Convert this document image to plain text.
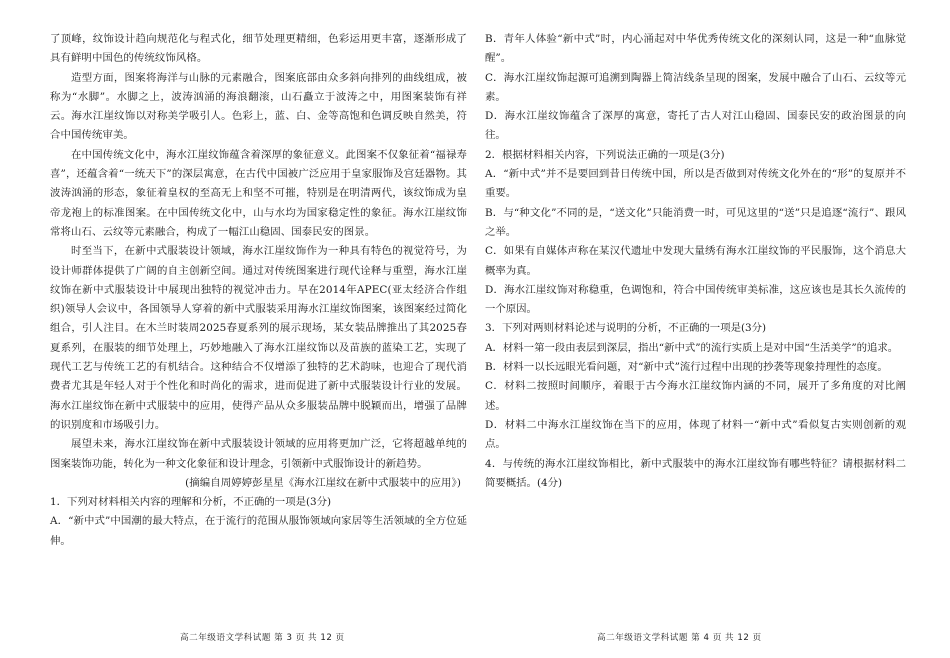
了顶峰，纹饰设计趋向规范化与程式化，细节处理更精细，色彩运用更丰富，逐渐形成了具有鲜明中国色的传统纹饰风格。

造型方面，图案将海洋与山脉的元素融合，图案底部由众多斜向排列的曲线组成，被称为“水脚”。水脚之上，波涛汹涌的海浪翻滚，山石矗立于波涛之中，用图案装饰有祥云。海水江崖纹饰以对称美学吸引人。色彩上，蓝、白、金等高饱和色调反映自然美，符合中国传统审美。

在中国传统文化中，海水江崖纹饰蕴含着深厚的象征意义。此图案不仅象征着“福禄寿喜”，还蕴含着“一统天下”的深层寓意，在古代中国被广泛应用于皇家服饰及宫廷器物。其波涛汹涌的形态，象征着皇权的至高无上和坚不可摧，特别是在明清两代，该纹饰成为皇帝龙袍上的标准图案。在中国传统文化中，山与水均为国家稳定性的象征。海水江崖纹饰常将山石、云纹等元素融合，构成了一幅江山稳固、国泰民安的图景。

时至当下，在新中式服装设计领域，海水江崖纹饰作为一种具有特色的视觉符号，为设计师群体提供了广阔的自主创新空间。通过对传统图案进行现代诠释与重塑，海水江崖纹饰在新中式服装设计中展现出独特的视觉冲击力。早在2014年APEC(亚太经济合作组织)领导人会议中，各国领导人穿着的新中式服装采用海水江崖纹饰图案，该图案经过简化组合，引人注目。在木兰时装周2025春夏系列的展示现场，某女装品牌推出了其2025春夏系列，在服装的细节处理上，巧妙地融入了海水江崖纹饰以及苗族的蓝染工艺，实现了现代工艺与传统工艺的有机结合。这种结合不仅增添了独特的艺术韵味，也迎合了现代消费者尤其是年轻人对于个性化和时尚化的需求，进而促进了新中式服装设计行业的发展。海水江崖纹饰在新中式服装中的应用，使得产品从众多服装品牌中脱颖而出，增强了品牌的识别度和市场吸引力。

展望未来，海水江崖纹饰在新中式服装设计领域的应用将更加广泛，它将超越单纯的图案装饰功能，转化为一种文化象征和设计理念，引领新中式服饰设计的新趋势。

(摘编自周婷婷彭星星《海水江崖纹在新中式服装中的应用》)

1．下列对材料相关内容的理解和分析，不正确的一项是(3分)

A．“新中式”中国潮的最大特点，在于流行的范围从服饰领域向家居等生活领域的全方位延伸。

高二年级语文学科试题 第 3 页 共 12 页

B．青年人体验“新中式”时，内心涌起对中华优秀传统文化的深刻认同，这是一种“血脉觉醒”。

C．海水江崖纹饰起源可追溯到陶器上简洁线条呈现的图案，发展中融合了山石、云纹等元素。

D．海水江崖纹饰蕴含了深厚的寓意，寄托了古人对江山稳固、国泰民安的政治图景的向往。

2．根据材料相关内容，下列说法正确的一项是(3分)

A．“新中式”并不是要回到昔日传统中国，所以是否做到对传统文化外在的“形”的复原并不重要。

B．与“种文化”不同的是，“送文化”只能消费一时，可见这里的“送”只是追逐“流行”、跟风之举。

C．如果有自媒体声称在某汉代遗址中发现大量绣有海水江崖纹饰的平民服饰，这个消息大概率为真。

D．海水江崖纹饰对称稳重，色调饱和，符合中国传统审美标准，这应该也是其长久流传的一个原因。

3．下列对两则材料论述与说明的分析，不正确的一项是(3分)

A．材料一第一段由表层到深层，指出“新中式”的流行实质上是对中国“生活美学”的追求。

B．材料一以长远眼光看问题，对“新中式”流行过程中出现的抄袭等现象持理性的态度。

C．材料二按照时间顺序，着眼于古今海水江崖纹饰内涵的不同，展开了多角度的对比阐述。

D．材料二中海水江崖纹饰在当下的应用，体现了材料一“新中式”看似复古实则创新的观点。

4．与传统的海水江崖纹饰相比，新中式服装中的海水江崖纹饰有哪些特征？请根据材料二简要概括。(4分)

高二年级语文学科试题 第 4 页 共 12 页
